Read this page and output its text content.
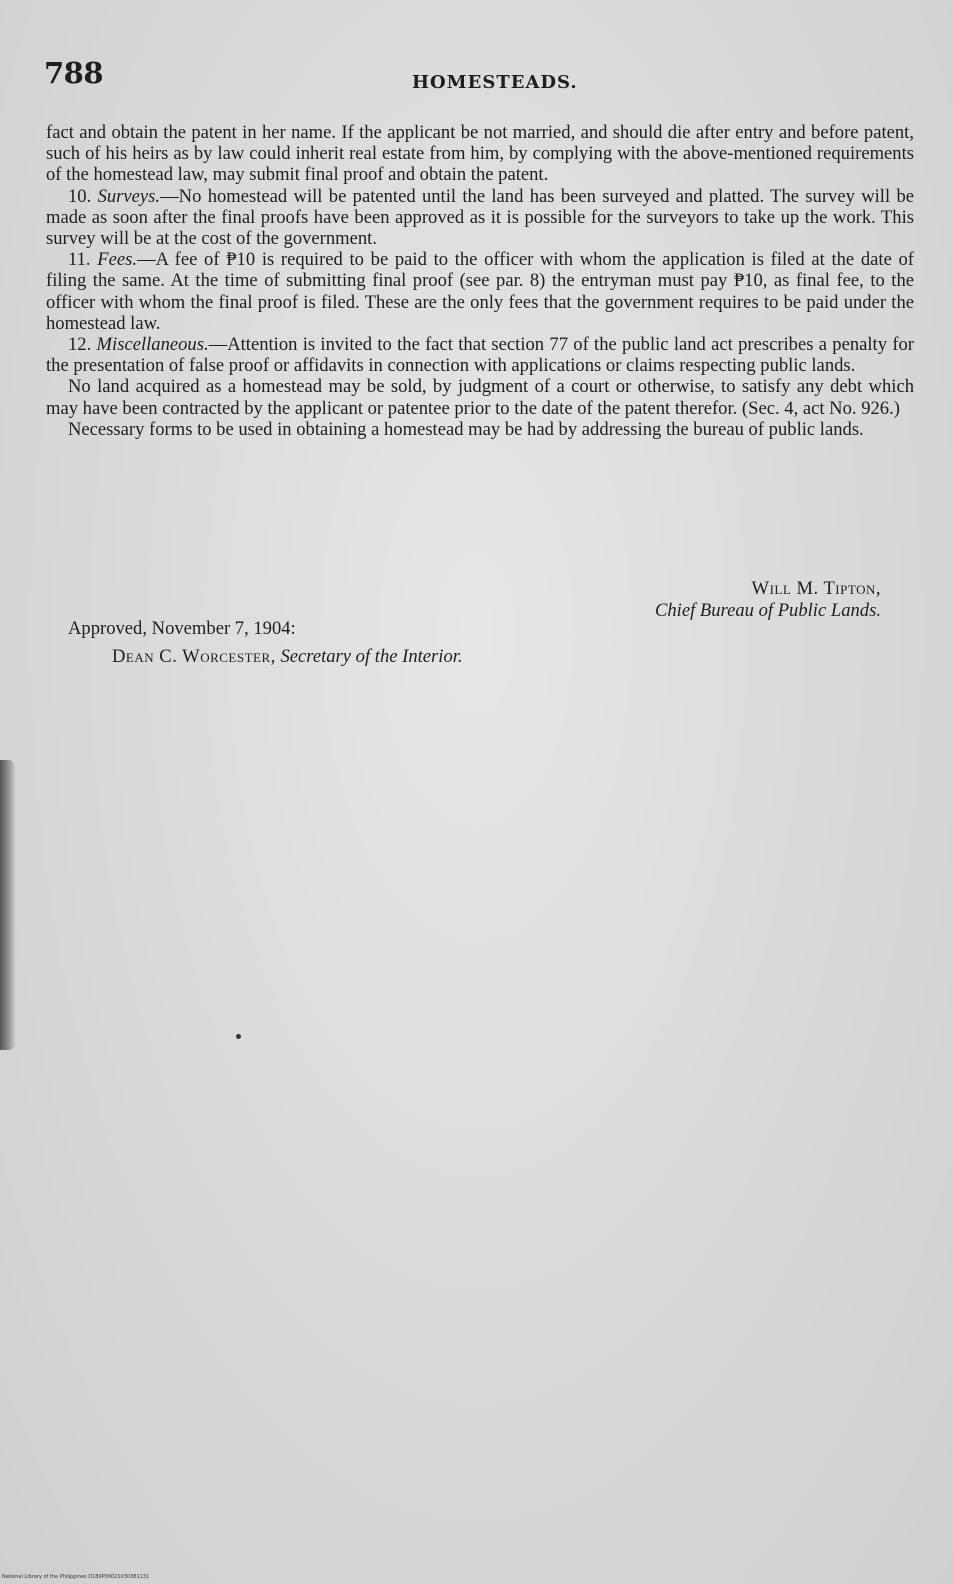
788	HOMESTEADS.

fact and obtain the patent in her name. If the applicant be not married, and should die after entry and before patent, such of his heirs as by law could inherit real estate from him, by complying with the above-mentioned requirements of the homestead law, may submit final proof and obtain the patent.

10. Surveys.—No homestead will be patented until the land has been surveyed and platted. The survey will be made as soon after the final proofs have been approved as it is possible for the surveyors to take up the work. This survey will be at the cost of the government.

11. Fees.—A fee of ₱10 is required to be paid to the officer with whom the application is filed at the date of filing the same. At the time of submitting final proof (see par. 8) the entryman must pay ₱10, as final fee, to the officer with whom the final proof is filed. These are the only fees that the government requires to be paid under the homestead law.

12. Miscellaneous.—Attention is invited to the fact that section 77 of the public land act prescribes a penalty for the presentation of false proof or affidavits in connection with applications or claims respecting public lands.

No land acquired as a homestead may be sold, by judgment of a court or otherwise, to satisfy any debt which may have been contracted by the applicant or patentee prior to the date of the patent therefor. (Sec. 4, act No. 926.)

Necessary forms to be used in obtaining a homestead may be had by addressing the bureau of public lands.

Will M. Tipton,
Chief Bureau of Public Lands.
Approved, November 7, 1904:
Dean C. Worcester, Secretary of the Interior.
National Library of the Philippines D180P00021030381131
